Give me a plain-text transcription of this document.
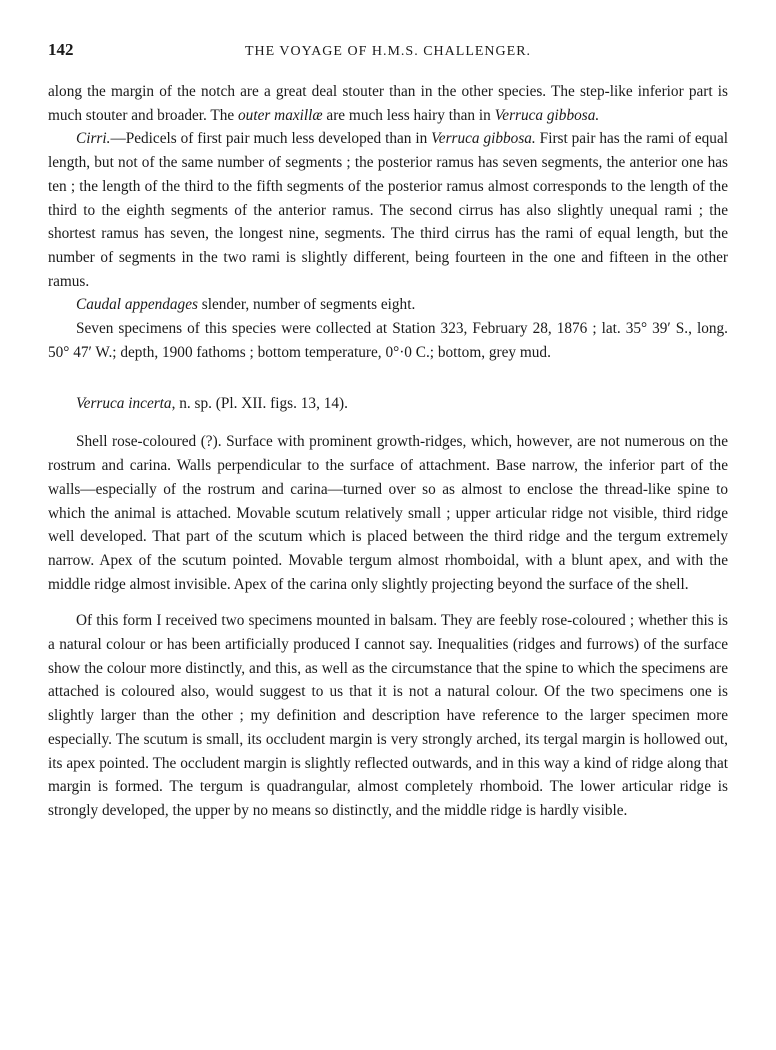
142	THE VOYAGE OF H.M.S. CHALLENGER.

along the margin of the notch are a great deal stouter than in the other species. The step-like inferior part is much stouter and broader. The outer maxillæ are much less hairy than in Verruca gibbosa.

Cirri.—Pedicels of first pair much less developed than in Verruca gibbosa. First pair has the rami of equal length, but not of the same number of segments ; the posterior ramus has seven segments, the anterior one has ten ; the length of the third to the fifth segments of the posterior ramus almost corresponds to the length of the third to the eighth segments of the anterior ramus. The second cirrus has also slightly unequal rami ; the shortest ramus has seven, the longest nine, segments. The third cirrus has the rami of equal length, but the number of segments in the two rami is slightly different, being fourteen in the one and fifteen in the other ramus.

Caudal appendages slender, number of segments eight.

Seven specimens of this species were collected at Station 323, February 28, 1876 ; lat. 35° 39′ S., long. 50° 47′ W.; depth, 1900 fathoms ; bottom temperature, 0°·0 C.; bottom, grey mud.

Verruca incerta, n. sp. (Pl. XII. figs. 13, 14).

Shell rose-coloured (?). Surface with prominent growth-ridges, which, however, are not numerous on the rostrum and carina. Walls perpendicular to the surface of attachment. Base narrow, the inferior part of the walls—especially of the rostrum and carina—turned over so as almost to enclose the thread-like spine to which the animal is attached. Movable scutum relatively small ; upper articular ridge not visible, third ridge well developed. That part of the scutum which is placed between the third ridge and the tergum extremely narrow. Apex of the scutum pointed. Movable tergum almost rhomboidal, with a blunt apex, and with the middle ridge almost invisible. Apex of the carina only slightly projecting beyond the surface of the shell.

Of this form I received two specimens mounted in balsam. They are feebly rose-coloured ; whether this is a natural colour or has been artificially produced I cannot say. Inequalities (ridges and furrows) of the surface show the colour more distinctly, and this, as well as the circumstance that the spine to which the specimens are attached is coloured also, would suggest to us that it is not a natural colour. Of the two specimens one is slightly larger than the other ; my definition and description have reference to the larger specimen more especially. The scutum is small, its occludent margin is very strongly arched, its tergal margin is hollowed out, its apex pointed. The occludent margin is slightly reflected outwards, and in this way a kind of ridge along that margin is formed. The tergum is quadrangular, almost completely rhomboid. The lower articular ridge is strongly developed, the upper by no means so distinctly, and the middle ridge is hardly visible.
